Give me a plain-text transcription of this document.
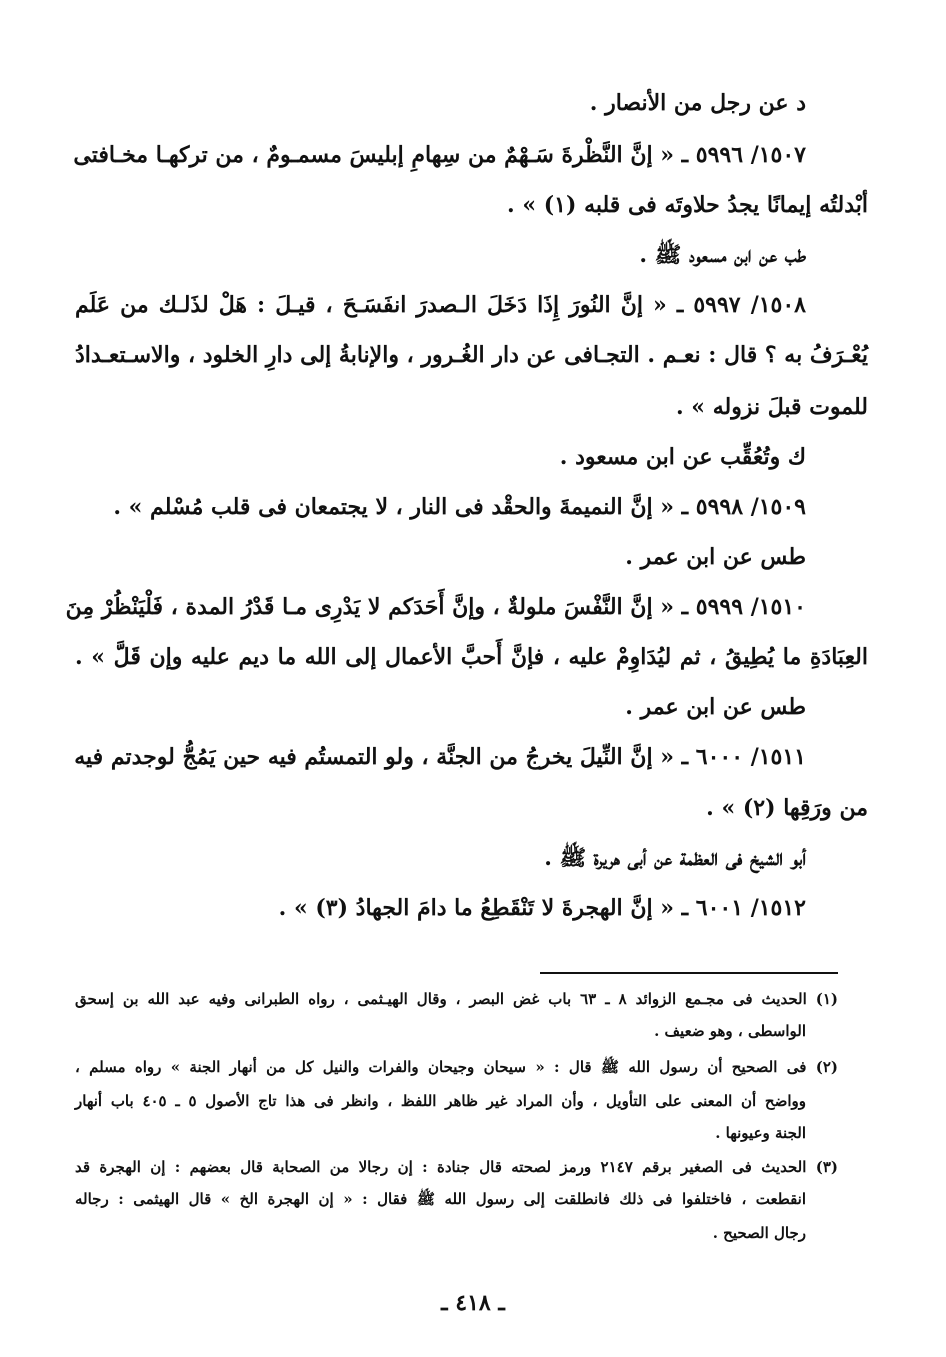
د عن رجل من الأنصار .
١٥٠٧/ ٥٩٩٦ ـ « إنَّ النَّظْرةَ سَـهْمٌ من سِهامِ إبليسَ مسمـومٌ ، من تركهـا مخـافتى
أبْدلتُه إيمانًا يجدُ حلاوتَه فى قلبه (١) » .
طب عن ابن مسعود ﷺ .
١٥٠٨/ ٥٩٩٧ ـ « إنَّ النُورَ إِذَا دَخَلَ الـصدرَ انفَسَـحَ ، قيـلَ : هَلْ لذَلـك من عَلَم
يُعْـرَفُ به ؟ قال : نعـم . التجـافى عن دار الغُـرور ، والإنابةُ إلى دارِ الخلود ، والاسـتعـدادُ
للموت قبلَ نزوله » .
ك وتُعُقِّب عن ابن مسعود .
١٥٠٩/ ٥٩٩٨ ـ « إنَّ النميمةَ والحقْد فى النار ، لا يجتمعان فى قلب مُسْلم » .
طس عن ابن عمر .
١٥١٠/ ٥٩٩٩ ـ « إنَّ النَّفْسَ ملولةٌ ، وإنَّ أَحَدَكم لا يَدْرِى مـا قَدْرُ المدة ، فَلْيَنْظُرْ مِنَ
العِبَادَةِ ما يُطِيقُ ، ثم ليُدَاوِمْ عليه ، فإنَّ أَحبَّ الأعمال إلى الله ما ديم عليه وإن قَلَّ » .
طس عن ابن عمر .
١٥١١/ ٦٠٠٠ ـ « إنَّ النِّيلَ يخرجُ من الجنَّة ، ولو التمستُم فيه حين يَمُجُّ لوجدتم فيه
من ورَقِها (٢) » .
أبو الشيخ فى العظمة عن أبى هريرة ﷺ .
١٥١٢/ ٦٠٠١ ـ « إنَّ الهجرةَ لا تَنْقَطِعُ ما دامَ الجهادُ (٣) » .
(١) الحديث فى مجـمع الزوائد ٨ ـ ٦٣ باب غض البصر ، وقال الهيـثمى ، رواه الطبرانى وفيه عبد الله بن إسحق
الواسطى ، وهو ضعيف .
(٢) فى الصحيح أن رسول الله ﷺ قال : « سيحان وجيحان والفرات والنيل كل من أنهار الجنة » رواه مسلم ،
وواضح أن المعنى على التأويل ، وأن المراد غير ظاهر اللفظ ، وانظر فى هذا تاج الأصول ٥ ـ ٤٠٥ باب أنهار
الجنة وعيونها .
(٣) الحديث فى الصغير برقم ٢١٤٧ ورمز لصحته قال جنادة : إن رجالا من الصحابة قال بعضهم : إن الهجرة قد
انقطعت ، فاختلفوا فى ذلك فانطلقت إلى رسول الله ﷺ فقال : « إن الهجرة الخ » قال الهيثمى : رجاله
رجال الصحيح .
ـ ٤١٨ ـ
